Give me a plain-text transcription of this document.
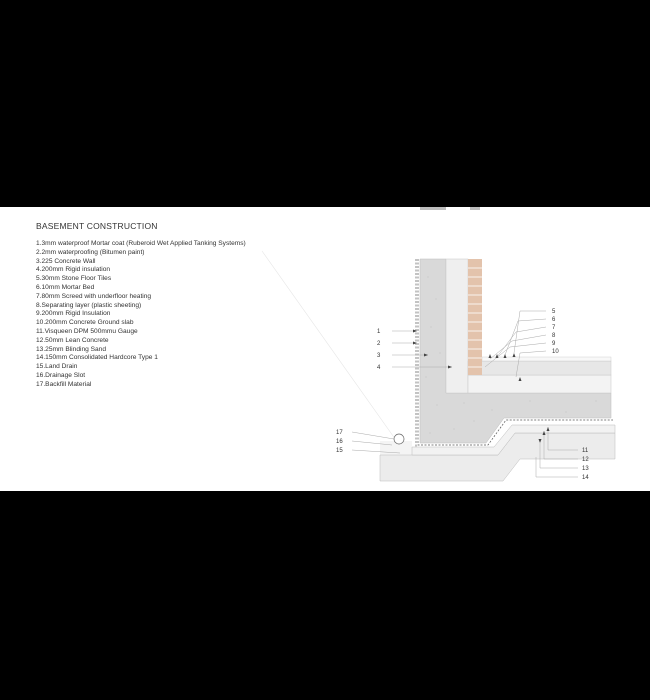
BASEMENT CONSTRUCTION
1.3mm waterproof Mortar coat (Ruberoid Wet Applied Tanking Systems)
2.2mm waterproofing (Bitumen paint)
3.225 Concrete Wall
4.200mm Rigid insulation
5.30mm Stone Floor Tiles
6.10mm Mortar Bed
7.80mm Screed with underfloor heating
8.Separating layer (plastic sheeting)
9.200mm Rigid Insulation
10.200mm Concrete Ground slab
11.Visqueen DPM 500mmu Gauge
12.50mm Lean Concrete
13.25mm Blinding Sand
14.150mm Consolidated Hardcore Type 1
15.Land Drain
16.Drainage Slot
17.Backfill Material
1
2
3
4
5
6
7
8
9
10
11
12
13
14
17
16
15
